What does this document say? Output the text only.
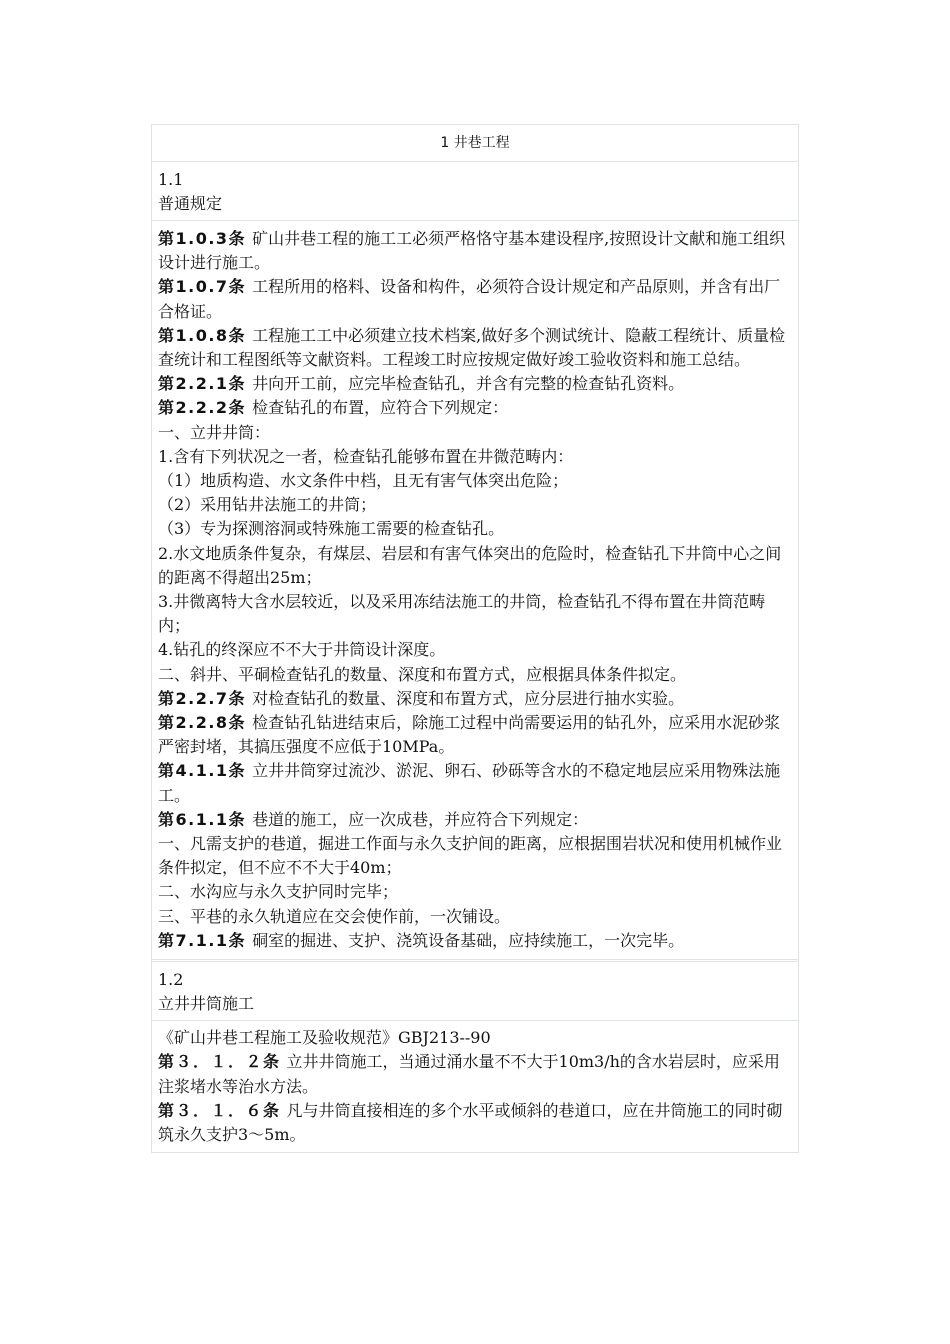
1 井巷工程
1.1
普通规定

第1.0.3条 矿山井巷工程的施工工必须严格恪守基本建设程序,按照设计文献和施工组织设计进行施工。

第1.0.7条 工程所用的格料、设备和构件，必须符合设计规定和产品原则，并含有出厂合格证。

第1.0.8条 工程施工工中必须建立技术档案,做好多个测试统计、隐蔽工程统计、质量检查统计和工程图纸等文献资料。工程竣工时应按规定做好竣工验收资料和施工总结。

第2.2.1条 井向开工前，应完毕检查钻孔，并含有完整的检查钻孔资料。

第2.2.2条 检查钻孔的布置，应符合下列规定：

一、立井井筒：

1.含有下列状况之一者，检查钻孔能够布置在井微范畴内：

（1）地质构造、水文条件中档，且无有害气体突出危险；

（2）采用钻井法施工的井筒；

（3）专为探测溶洞或特殊施工需要的检查钻孔。

2.水文地质条件复杂，有煤层、岩层和有害气体突出的危险时，检查钻孔下井筒中心之间的距离不得超出25m；

3.井微离特大含水层较近，以及采用冻结法施工的井筒，检查钻孔不得布置在井筒范畴内；

4.钻孔的终深应不不大于井筒设计深度。

二、斜井、平硐检查钻孔的数量、深度和布置方式，应根据具体条件拟定。

第2.2.7条 对检查钻孔的数量、深度和布置方式，应分层进行抽水实验。

第2.2.8条 检查钻孔钻进结束后，除施工过程中尚需要运用的钻孔外，应采用水泥砂浆严密封堵，其搞压强度不应低于10MPa。

第4.1.1条 立井井筒穿过流沙、淤泥、卵石、砂砾等含水的不稳定地层应采用物殊法施工。

第6.1.1条 巷道的施工，应一次成巷，并应符合下列规定：

一、凡需支护的巷道，掘进工作面与永久支护间的距离，应根据围岩状况和使用机械作业条件拟定，但不应不不大于40m；

二、水沟应与永久支护同时完毕；

三、平巷的永久轨道应在交会使作前，一次铺设。

第7.1.1条 硐室的掘进、支护、浇筑设备基础，应持续施工，一次完毕。

1.2
立井井筒施工

《矿山井巷工程施工及验收规范》GBJ213--90

第３．１．２条 立井井筒施工，当通过涌水量不不大于10m3/h的含水岩层时，应采用注浆堵水等治水方法。

第３．１．６条 凡与井筒直接相连的多个水平或倾斜的巷道口，应在井筒施工的同时砌筑永久支护3～5m。
